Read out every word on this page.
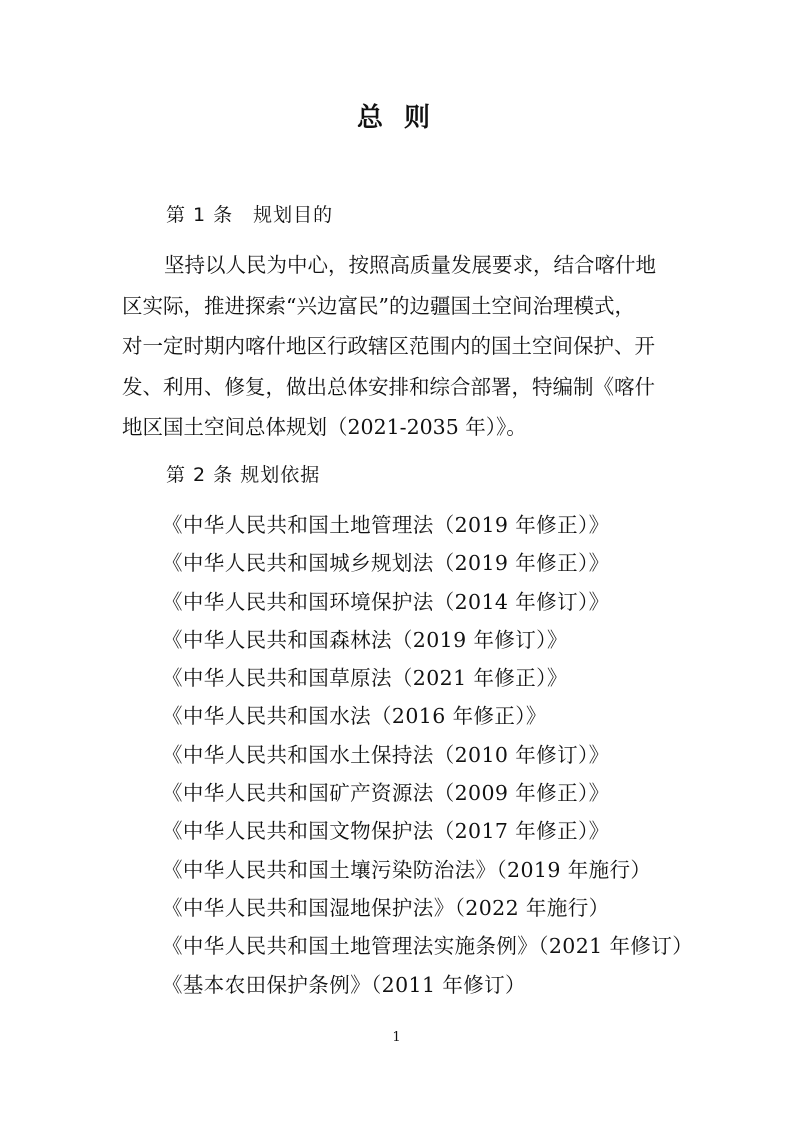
总 则
第 1 条　规划目的
坚持以人民为中心，按照高质量发展要求，结合喀什地
区实际，推进探索“兴边富民”的边疆国土空间治理模式，
对一定时期内喀什地区行政辖区范围内的国土空间保护、开
发、利用、修复，做出总体安排和综合部署，特编制《喀什
地区国土空间总体规划（2021-2035 年）》。
第 2 条 规划依据
《中华人民共和国土地管理法（2019 年修正）》
《中华人民共和国城乡规划法（2019 年修正）》
《中华人民共和国环境保护法（2014 年修订）》
《中华人民共和国森林法（2019 年修订）》
《中华人民共和国草原法（2021 年修正）》
《中华人民共和国水法（2016 年修正）》
《中华人民共和国水土保持法（2010 年修订）》
《中华人民共和国矿产资源法（2009 年修正）》
《中华人民共和国文物保护法（2017 年修正）》
《中华人民共和国土壤污染防治法》（2019 年施行）
《中华人民共和国湿地保护法》（2022 年施行）
《中华人民共和国土地管理法实施条例》（2021 年修订）
《基本农田保护条例》（2011 年修订）
1
